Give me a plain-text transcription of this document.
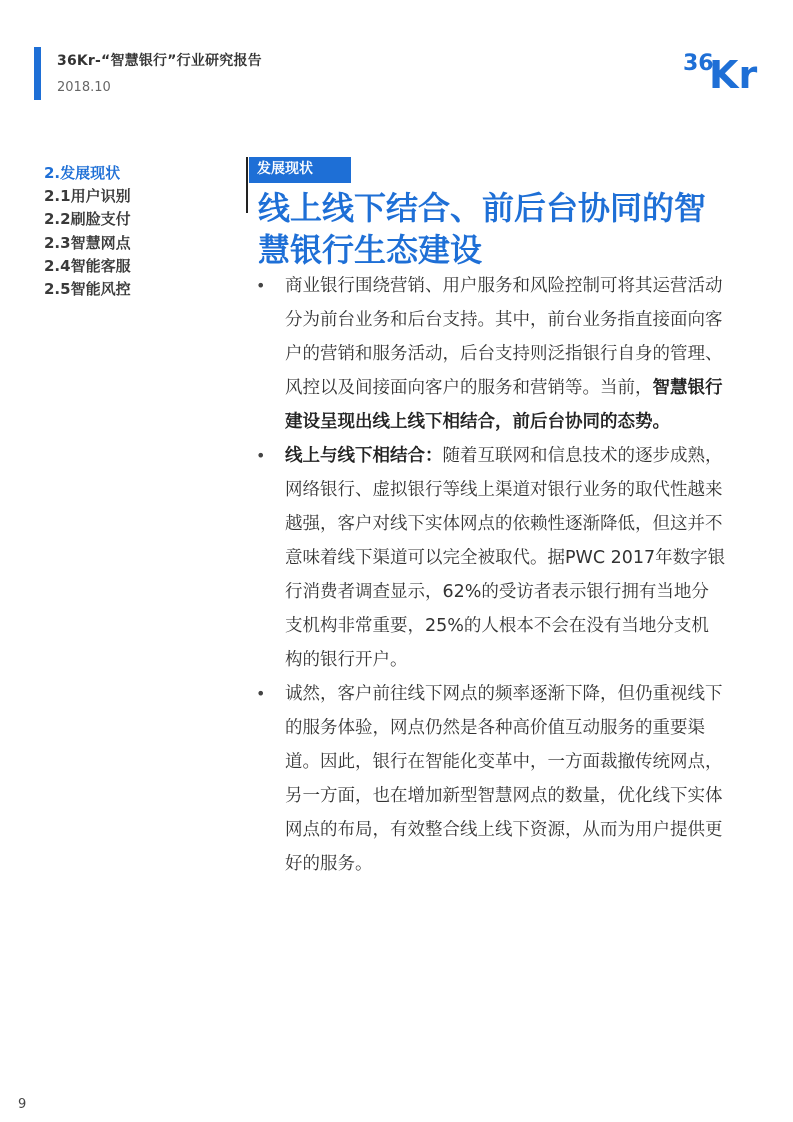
36Kr-“智慧银行”行业研究报告
2018.10
36
Kr
2.发展现状
2.1用户识别
2.2刷脸支付
2.3智慧网点
2.4智能客服
2.5智能风控
发展现状
线上线下结合、前后台协同的智慧银行生态建设
• 商业银行围绕营销、用户服务和风险控制可将其运营活动分为前台业务和后台支持。其中，前台业务指直接面向客户的营销和服务活动，后台支持则泛指银行自身的管理、风控以及间接面向客户的服务和营销等。当前，智慧银行建设呈现出线上线下相结合，前后台协同的态势。

• 线上与线下相结合：随着互联网和信息技术的逐步成熟，网络银行、虚拟银行等线上渠道对银行业务的取代性越来越强，客户对线下实体网点的依赖性逐渐降低，但这并不意味着线下渠道可以完全被取代。据PWC 2017年数字银行消费者调查显示，62%的受访者表示银行拥有当地分支机构非常重要，25%的人根本不会在没有当地分支机构的银行开户。

• 诚然，客户前往线下网点的频率逐渐下降，但仍重视线下的服务体验，网点仍然是各种高价值互动服务的重要渠道。因此，银行在智能化变革中，一方面裁撤传统网点，另一方面，也在增加新型智慧网点的数量，优化线下实体网点的布局，有效整合线上线下资源，从而为用户提供更好的服务。

9
